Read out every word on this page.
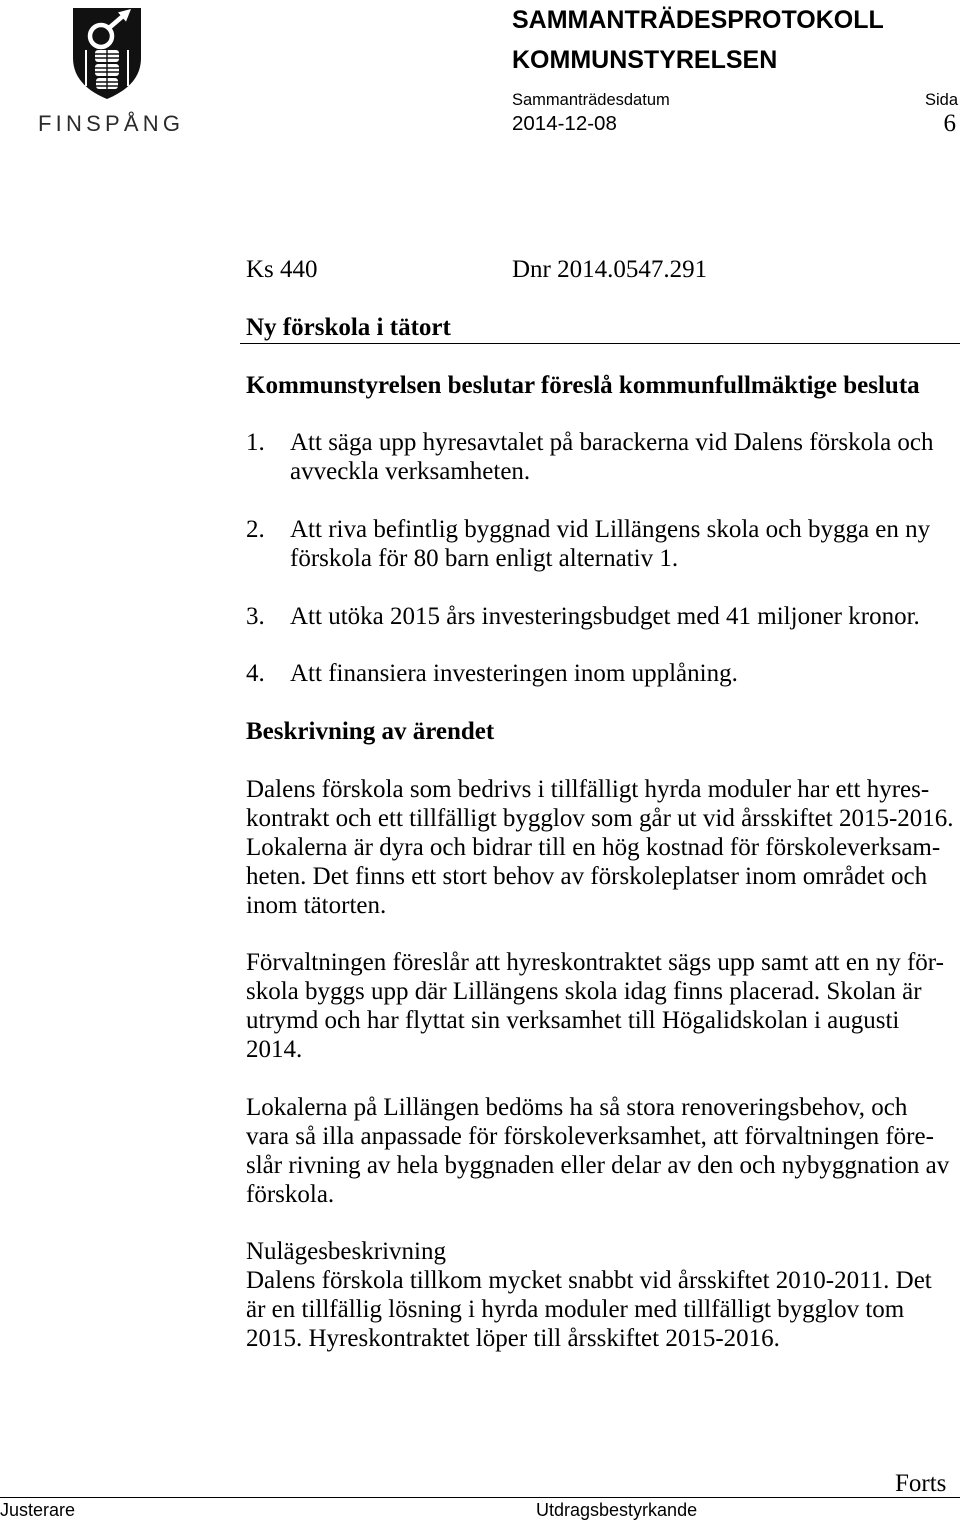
FINSPÅNG
SAMMANTRÄDESPROTOKOLL
KOMMUNSTYRELSEN
Sammanträdesdatum	Sida
2014-12-08	6
Ks 440	Dnr 2014.0547.291
Ny förskola i tätort
Kommunstyrelsen beslutar föreslå kommunfullmäktige besluta
1.	Att säga upp hyresavtalet på barackerna vid Dalens förskola och
avveckla verksamheten.
2.	Att riva befintlig byggnad vid Lillängens skola och bygga en ny
förskola för 80 barn enligt alternativ 1.
3.	Att utöka 2015 års investeringsbudget med 41 miljoner kronor.
4.	Att finansiera investeringen inom upplåning.
Beskrivning av ärendet
Dalens förskola som bedrivs i tillfälligt hyrda moduler har ett hyres-
kontrakt och ett tillfälligt bygglov som går ut vid årsskiftet 2015-2016.
Lokalerna är dyra och bidrar till en hög kostnad för förskoleverksam-
heten. Det finns ett stort behov av förskoleplatser inom området och
inom tätorten.
Förvaltningen föreslår att hyreskontraktet sägs upp samt att en ny för-
skola byggs upp där Lillängens skola idag finns placerad. Skolan är
utrymd och har flyttat sin verksamhet till Högalidskolan i augusti
2014.
Lokalerna på Lillängen bedöms ha så stora renoveringsbehov, och
vara så illa anpassade för förskoleverksamhet, att förvaltningen före-
slår rivning av hela byggnaden eller delar av den och nybyggnation av
förskola.
Nulägesbeskrivning
Dalens förskola tillkom mycket snabbt vid årsskiftet 2010-2011. Det
är en tillfällig lösning i hyrda moduler med tillfälligt bygglov tom
2015. Hyreskontraktet löper till årsskiftet 2015-2016.
Forts
Justerare	Utdragsbestyrkande
